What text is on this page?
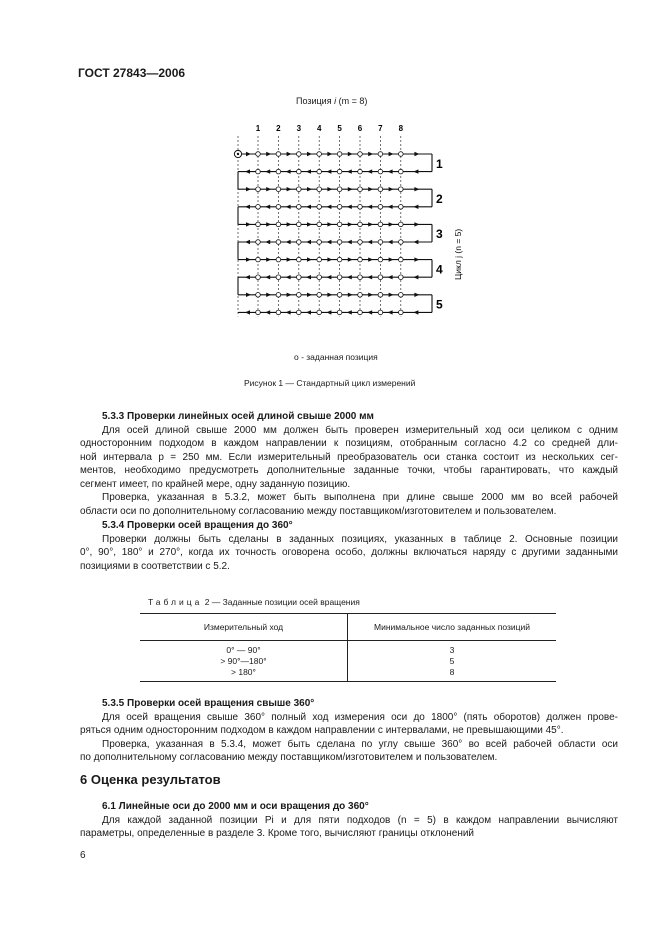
ГОСТ 27843—2006
Позиция i (m = 8)
1 2 3 4 5 6 7 8
1
2
3
4
5
Цикл j (n = 5)
o - заданная позиция
Рисунок 1 — Стандартный цикл измерений
5.3.3 Проверки линейных осей длиной свыше 2000 мм
Для осей длиной свыше 2000 мм должен быть проверен измерительный ход оси целиком с одним
односторонним подходом в каждом направлении к позициям, отобранным согласно 4.2 со средней дли-
ной интервала p = 250 мм. Если измерительный преобразователь оси станка состоит из нескольких сег-
ментов, необходимо предусмотреть дополнительные заданные точки, чтобы гарантировать, что каждый
сегмент имеет, по крайней мере, одну заданную позицию.
Проверка, указанная в 5.3.2, может быть выполнена при длине свыше 2000 мм во всей рабочей
области оси по дополнительному согласованию между поставщиком/изготовителем и пользователем.
5.3.4 Проверки осей вращения до 360°
Проверки должны быть сделаны в заданных позициях, указанных в таблице 2. Основные позиции
0°, 90°, 180° и 270°, когда их точность оговорена особо, должны включаться наряду с другими заданными
позициями в соответствии с 5.2.
Таблица 2 — Заданные позиции осей вращения
Измерительный ход	Минимальное число заданных позиций
0° — 90°	3
> 90°—180°	5
> 180°	8
5.3.5 Проверки осей вращения свыше 360°
Для осей вращения свыше 360° полный ход измерения оси до 1800° (пять оборотов) должен прове-
ряться одним односторонним подходом в каждом направлении с интервалами, не превышающими 45°.
Проверка, указанная в 5.3.4, может быть сделана по углу свыше 360° во всей рабочей области оси
по дополнительному согласованию между поставщиком/изготовителем и пользователем.
6 Оценка результатов
6.1 Линейные оси до 2000 мм и оси вращения до 360°
Для каждой заданной позиции Pi и для пяти подходов (n = 5) в каждом направлении вычисляют
параметры, определенные в разделе 3. Кроме того, вычисляют границы отклонений
6
